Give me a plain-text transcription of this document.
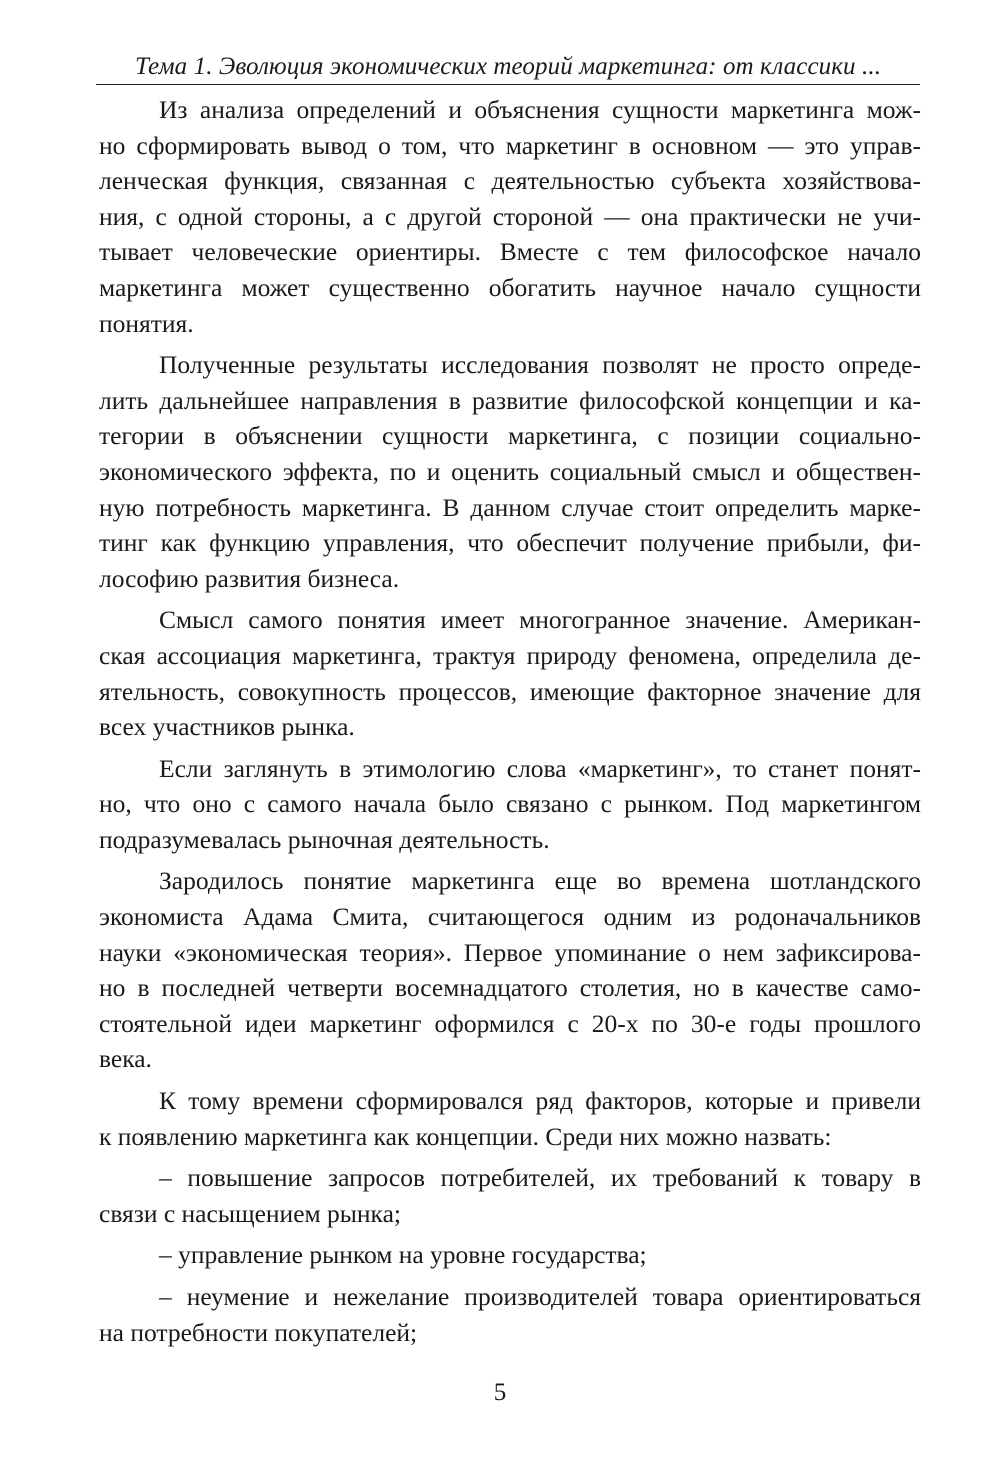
Тема 1. Эволюция экономических теорий маркетинга: от классики ...

Из анализа определений и объяснения сущности маркетинга мож-
но сформировать вывод о том, что маркетинг в основном — это управ-
ленческая функция, связанная с деятельностью субъекта хозяйствова-
ния, с одной стороны, а с другой стороной — она практически не учи-
тывает человеческие ориентиры. Вместе с тем философское начало
маркетинга может существенно обогатить научное начало сущности
понятия.

Полученные результаты исследования позволят не просто опреде-
лить дальнейшее направления в развитие философской концепции и ка-
тегории в объяснении сущности маркетинга, с позиции социально-
экономического эффекта, по и оценить социальный смысл и обществен-
ную потребность маркетинга. В данном случае стоит определить марке-
тинг как функцию управления, что обеспечит получение прибыли, фи-
лософию развития бизнеса.

Смысл самого понятия имеет многогранное значение. Американ-
ская ассоциация маркетинга, трактуя природу феномена, определила де-
ятельность, совокупность процессов, имеющие факторное значение для
всех участников рынка.

Если заглянуть в этимологию слова «маркетинг», то станет понят-
но, что оно с самого начала было связано с рынком. Под маркетингом
подразумевалась рыночная деятельность.

Зародилось понятие маркетинга еще во времена шотландского
экономиста Адама Смита, считающегося одним из родоначальников
науки «экономическая теория». Первое упоминание о нем зафиксирова-
но в последней четверти восемнадцатого столетия, но в качестве само-
стоятельной идеи маркетинг оформился с 20-х по 30-е годы прошлого
века.

К тому времени сформировался ряд факторов, которые и привели
к появлению маркетинга как концепции. Среди них можно назвать:

– повышение запросов потребителей, их требований к товару в
связи с насыщением рынка;

– управление рынком на уровне государства;

– неумение и нежелание производителей товара ориентироваться
на потребности покупателей;

5
